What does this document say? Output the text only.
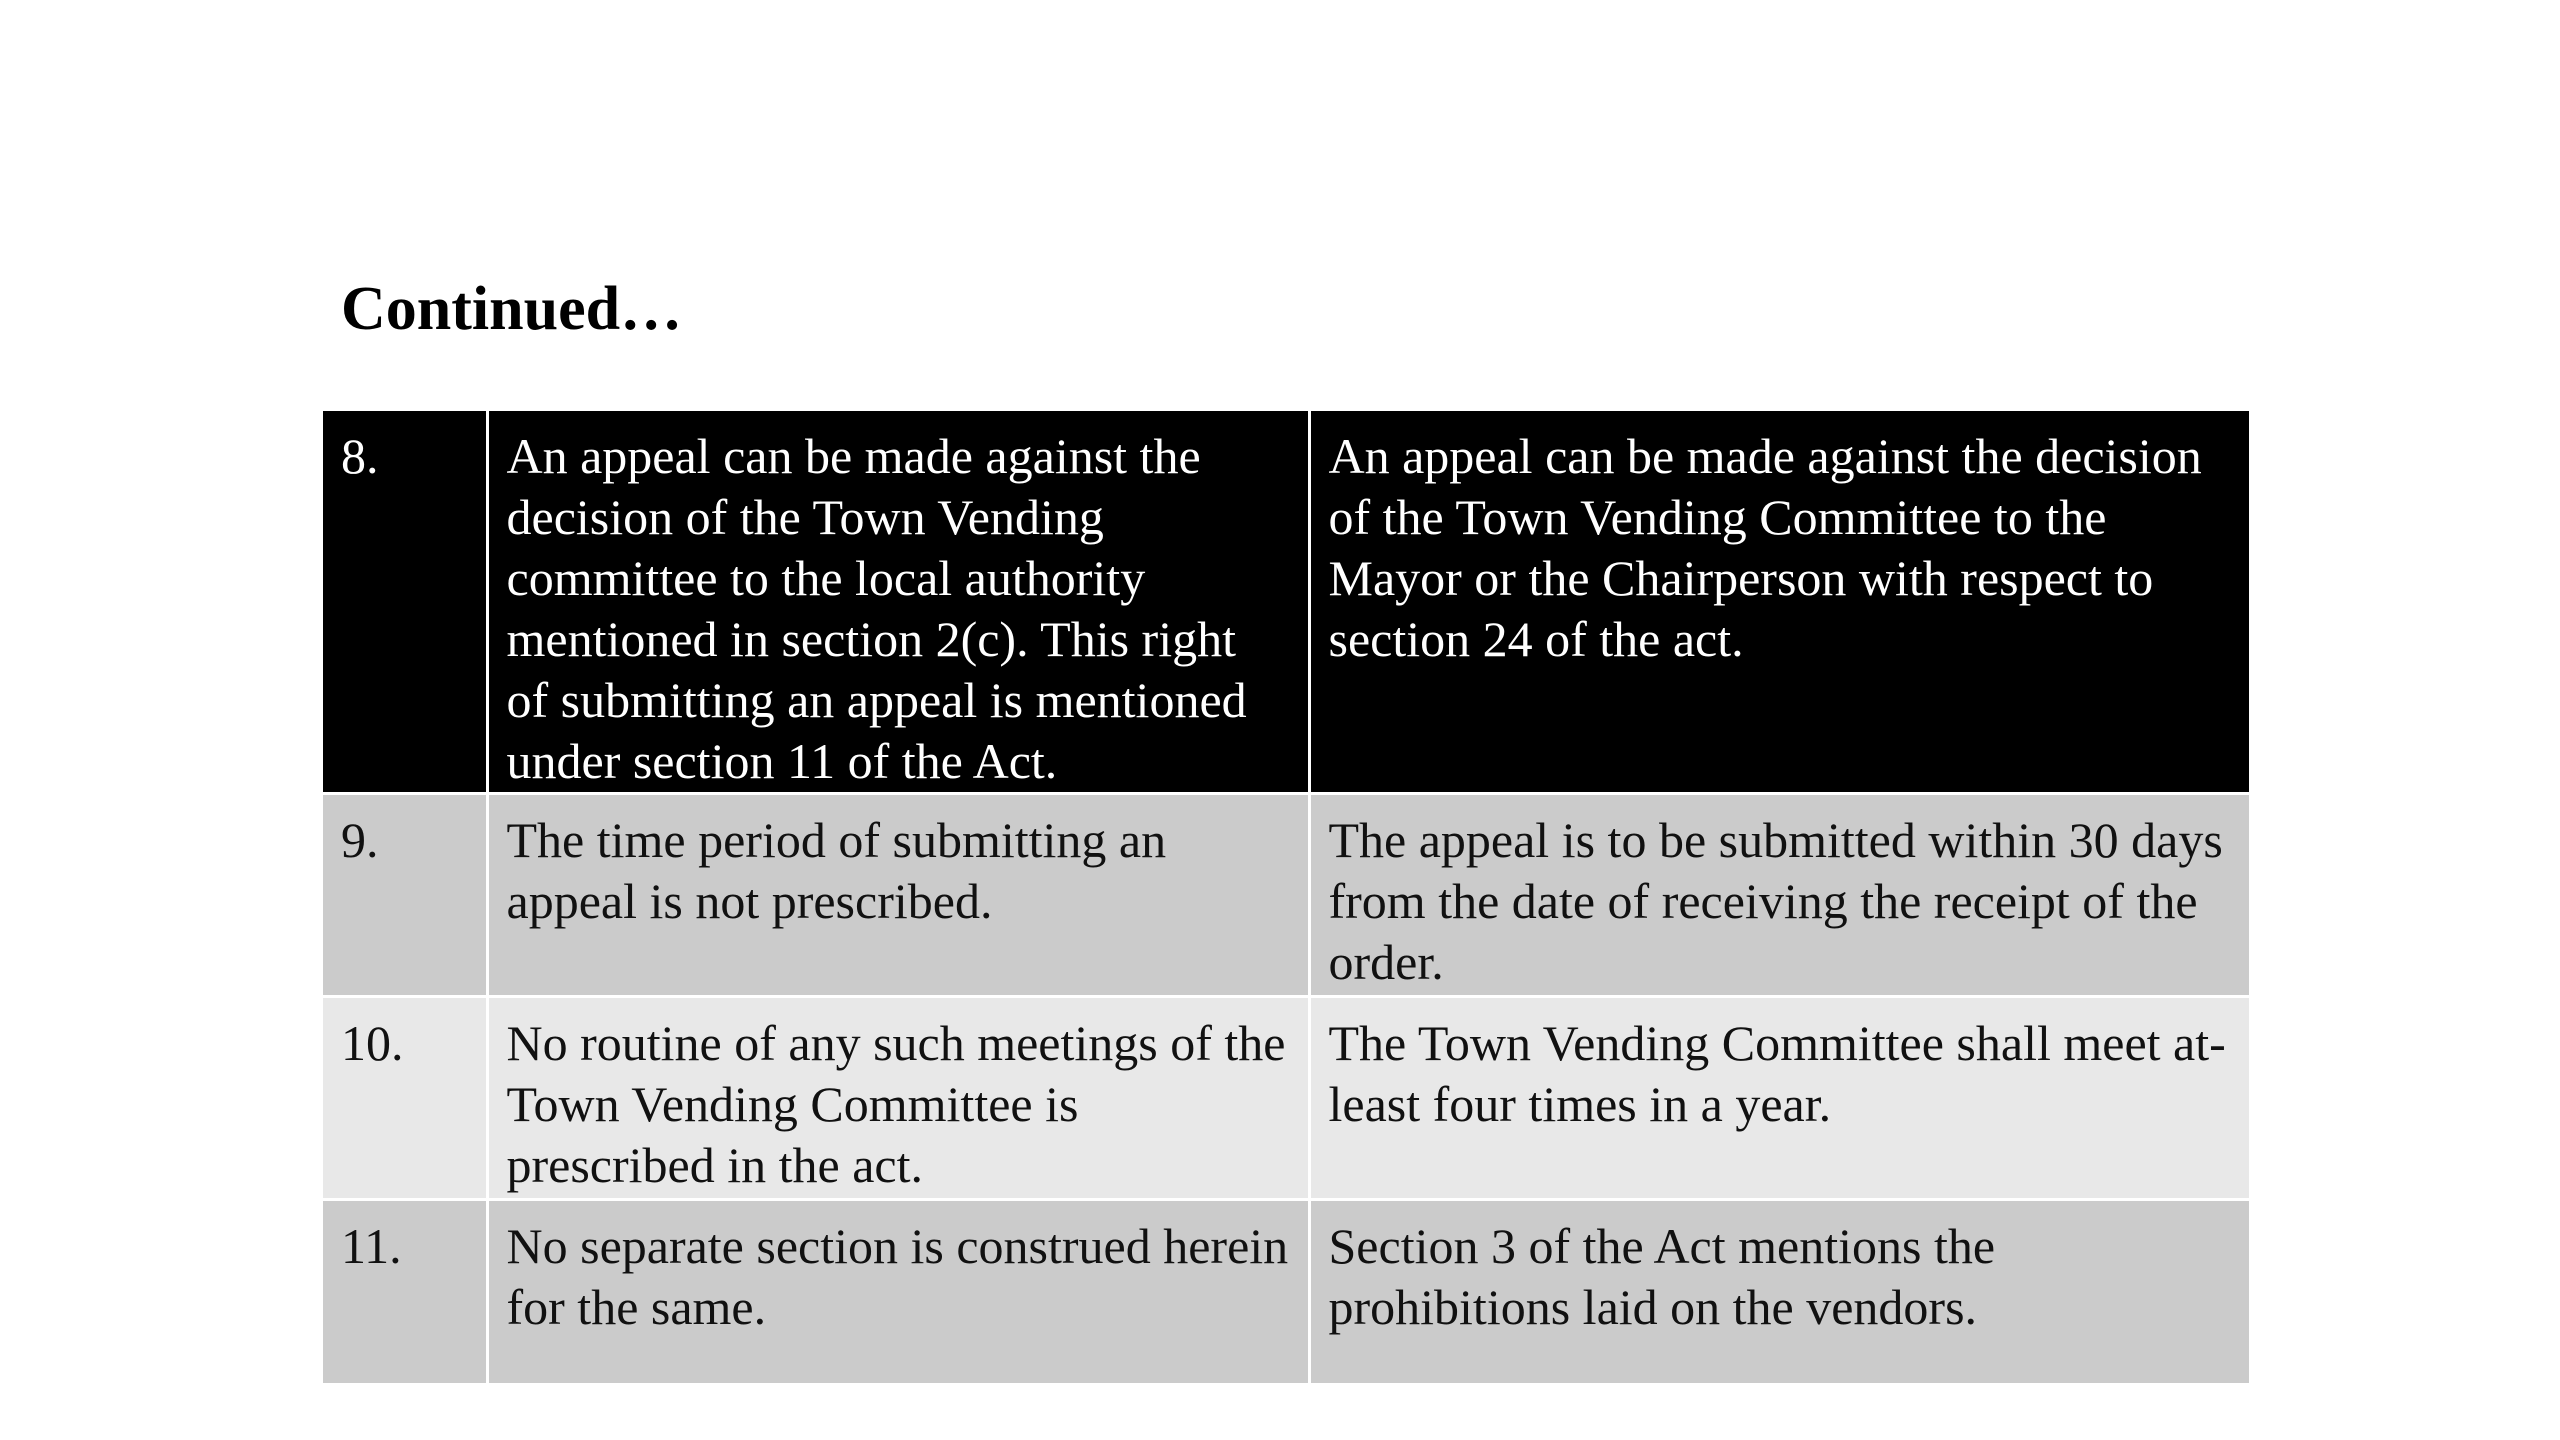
Continued…
8.	An appeal can be made against the decision of the Town Vending committee to the local authority mentioned in section 2(c). This right of submitting an appeal is mentioned under section 11 of the Act.	An appeal can be made against the decision of the Town Vending Committee to the Mayor or the Chairperson with respect to section 24 of the act.
9.	The time period of submitting an appeal is not prescribed.	The appeal is to be submitted within 30 days from the date of receiving the receipt of the order.
10.	No routine of any such meetings of the Town Vending Committee is prescribed in the act.	The Town Vending Committee shall meet at-least four times in a year.
11.	No separate section is construed herein for the same.	Section 3 of the Act mentions the prohibitions laid on the vendors.
